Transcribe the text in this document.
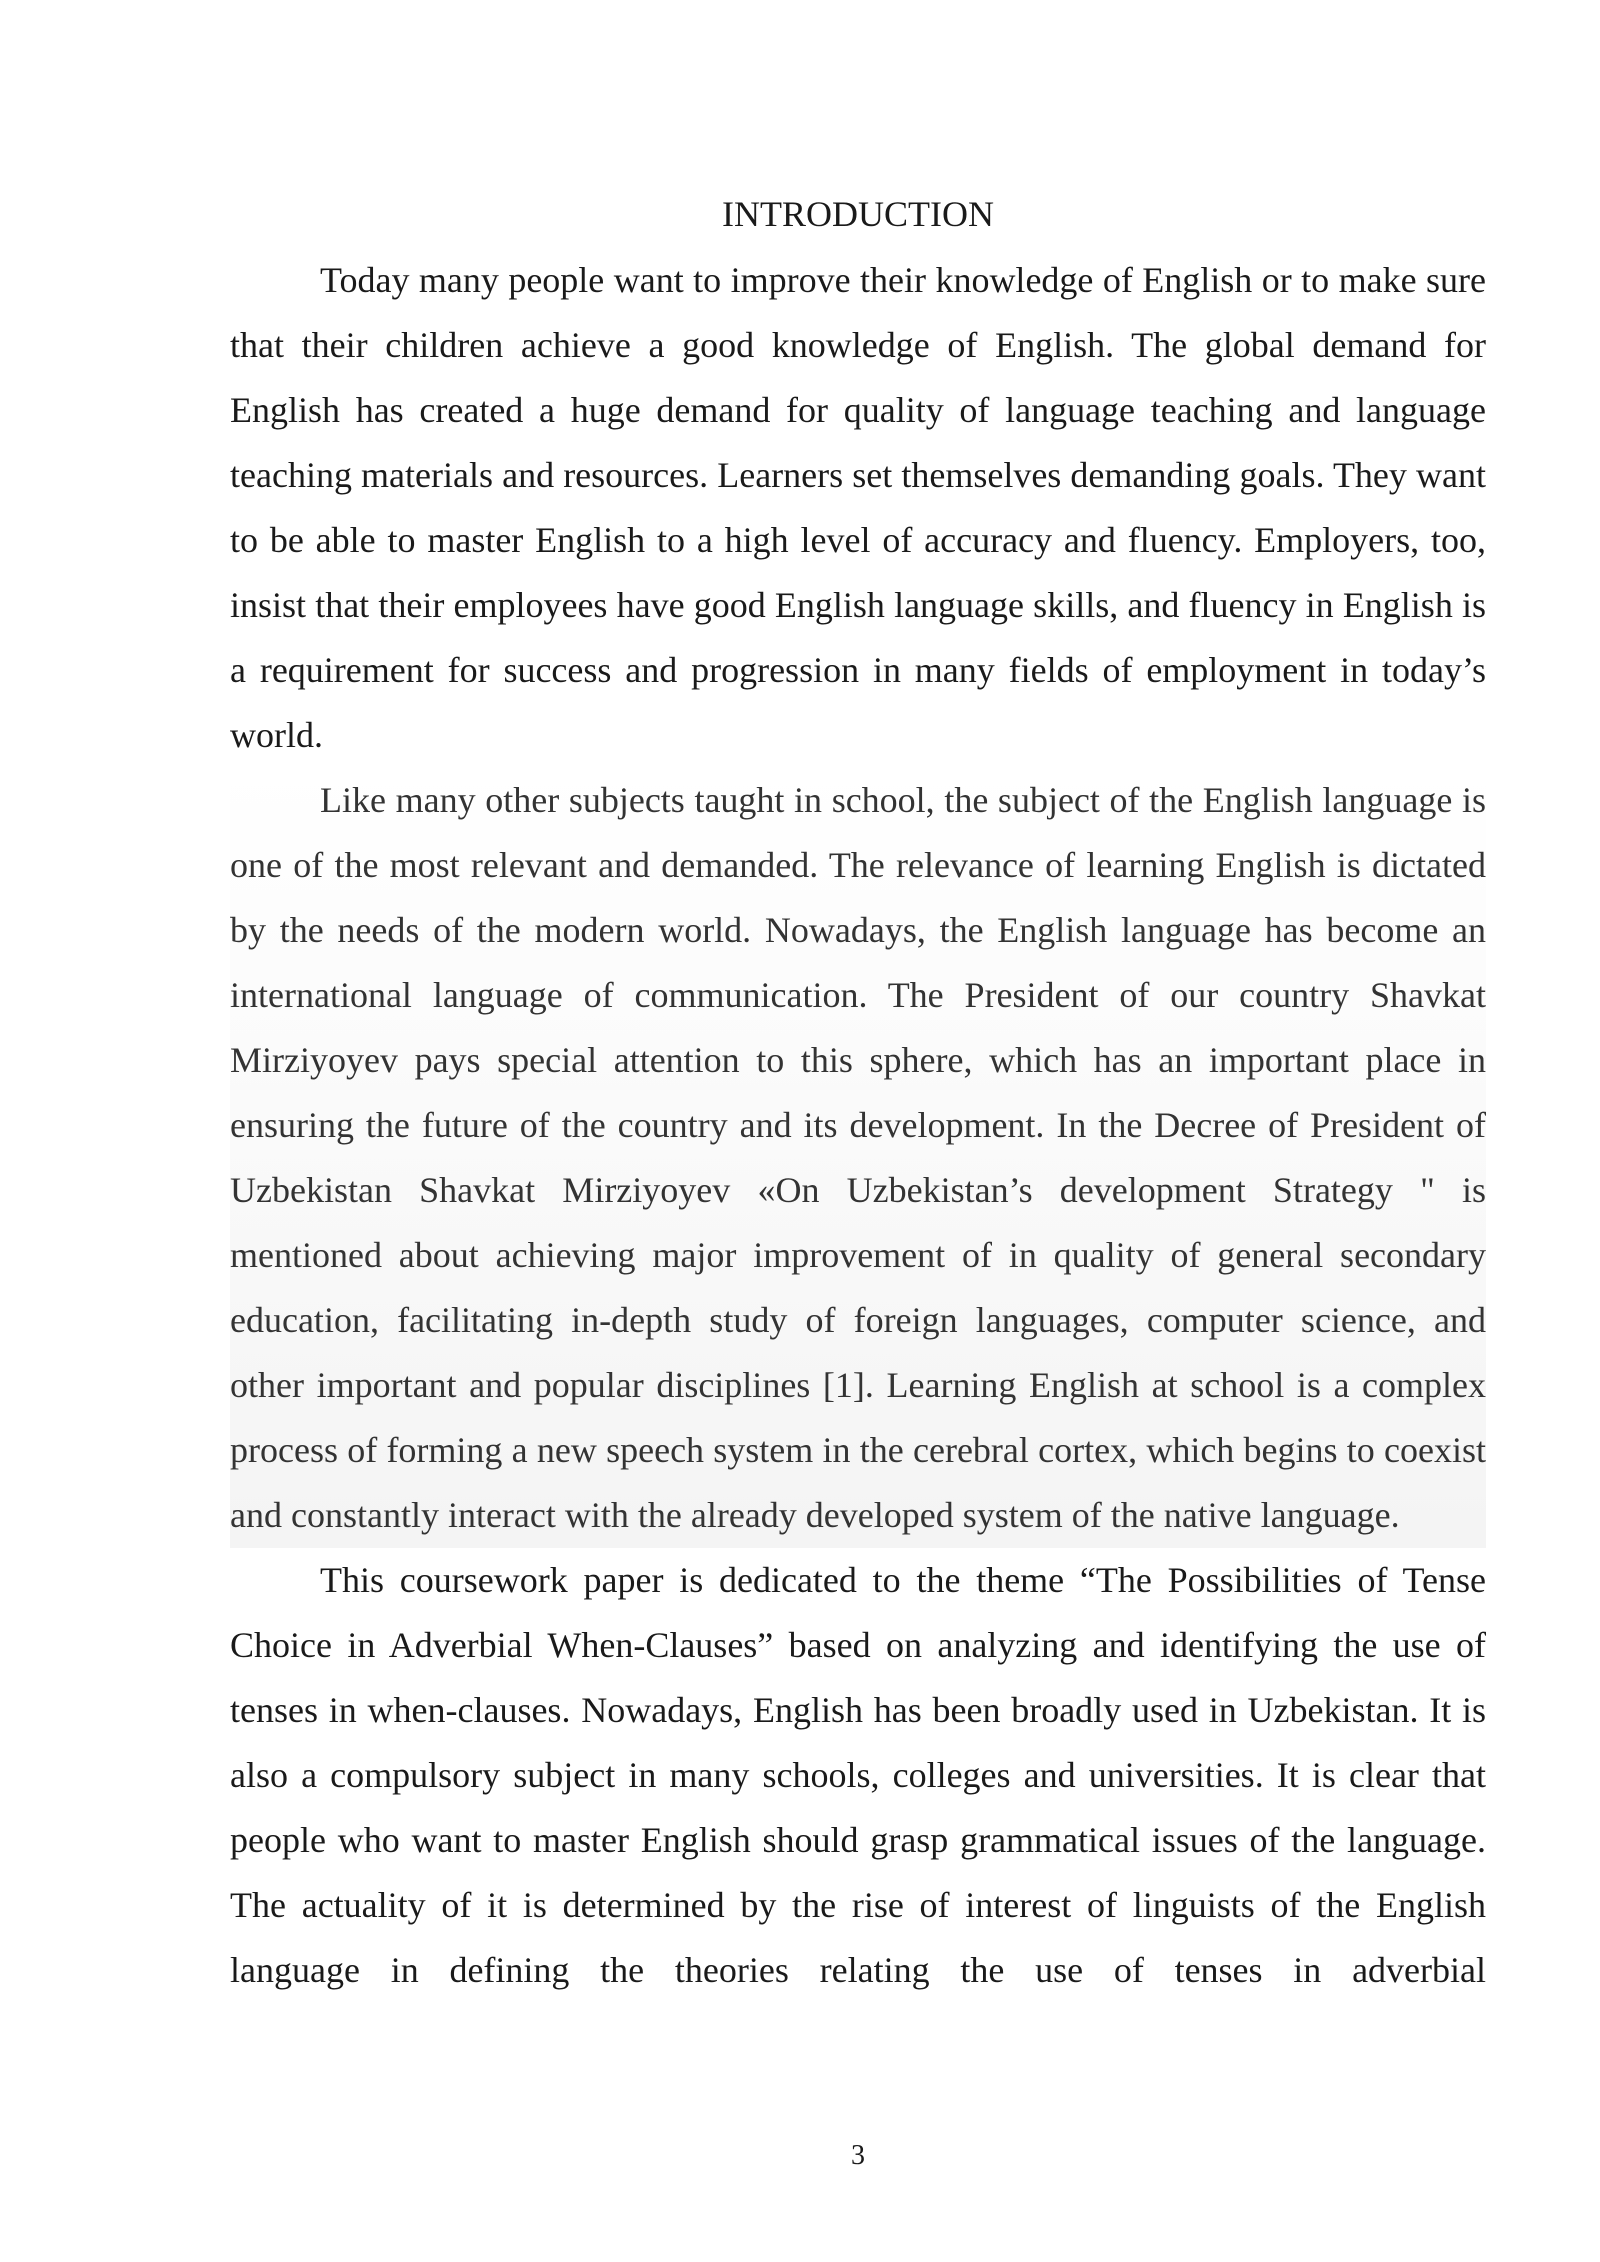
INTRODUCTION

Today many people want to improve their knowledge of English or to make sure that their children achieve a good knowledge of English. The global demand for English has created a huge demand for quality of language teaching and language teaching materials and resources. Learners set themselves demanding goals. They want to be able to master English to a high level of accuracy and fluency. Employers, too, insist that their employees have good English language skills, and fluency in English is a requirement for success and progression in many fields of employment in today’s world.

Like many other subjects taught in school, the subject of the English language is one of the most relevant and demanded. The relevance of learning English is dictated by the needs of the modern world. Nowadays, the English language has become an international language of communication. The President of our country Shavkat Mirziyoyev pays special attention to this sphere, which has an important place in ensuring the future of the country and its development. In the Decree of President of Uzbekistan Shavkat Mirziyoyev «On Uzbekistan’s development Strategy " is mentioned about achieving major improvement of in quality of general secondary education, facilitating in-depth study of foreign languages, computer science, and other important and popular disciplines [1]. Learning English at school is a complex process of forming a new speech system in the cerebral cortex, which begins to coexist and constantly interact with the already developed system of the native language.

This coursework paper is dedicated to the theme “The Possibilities of Tense Choice in Adverbial When-Clauses” based on analyzing and identifying the use of tenses in when-clauses. Nowadays, English has been broadly used in Uzbekistan. It is also a compulsory subject in many schools, colleges and universities. It is clear that people who want to master English should grasp grammatical issues of the language. The actuality of it is determined by the rise of interest of linguists of the English language in defining the theories relating the use of tenses in adverbial

3
